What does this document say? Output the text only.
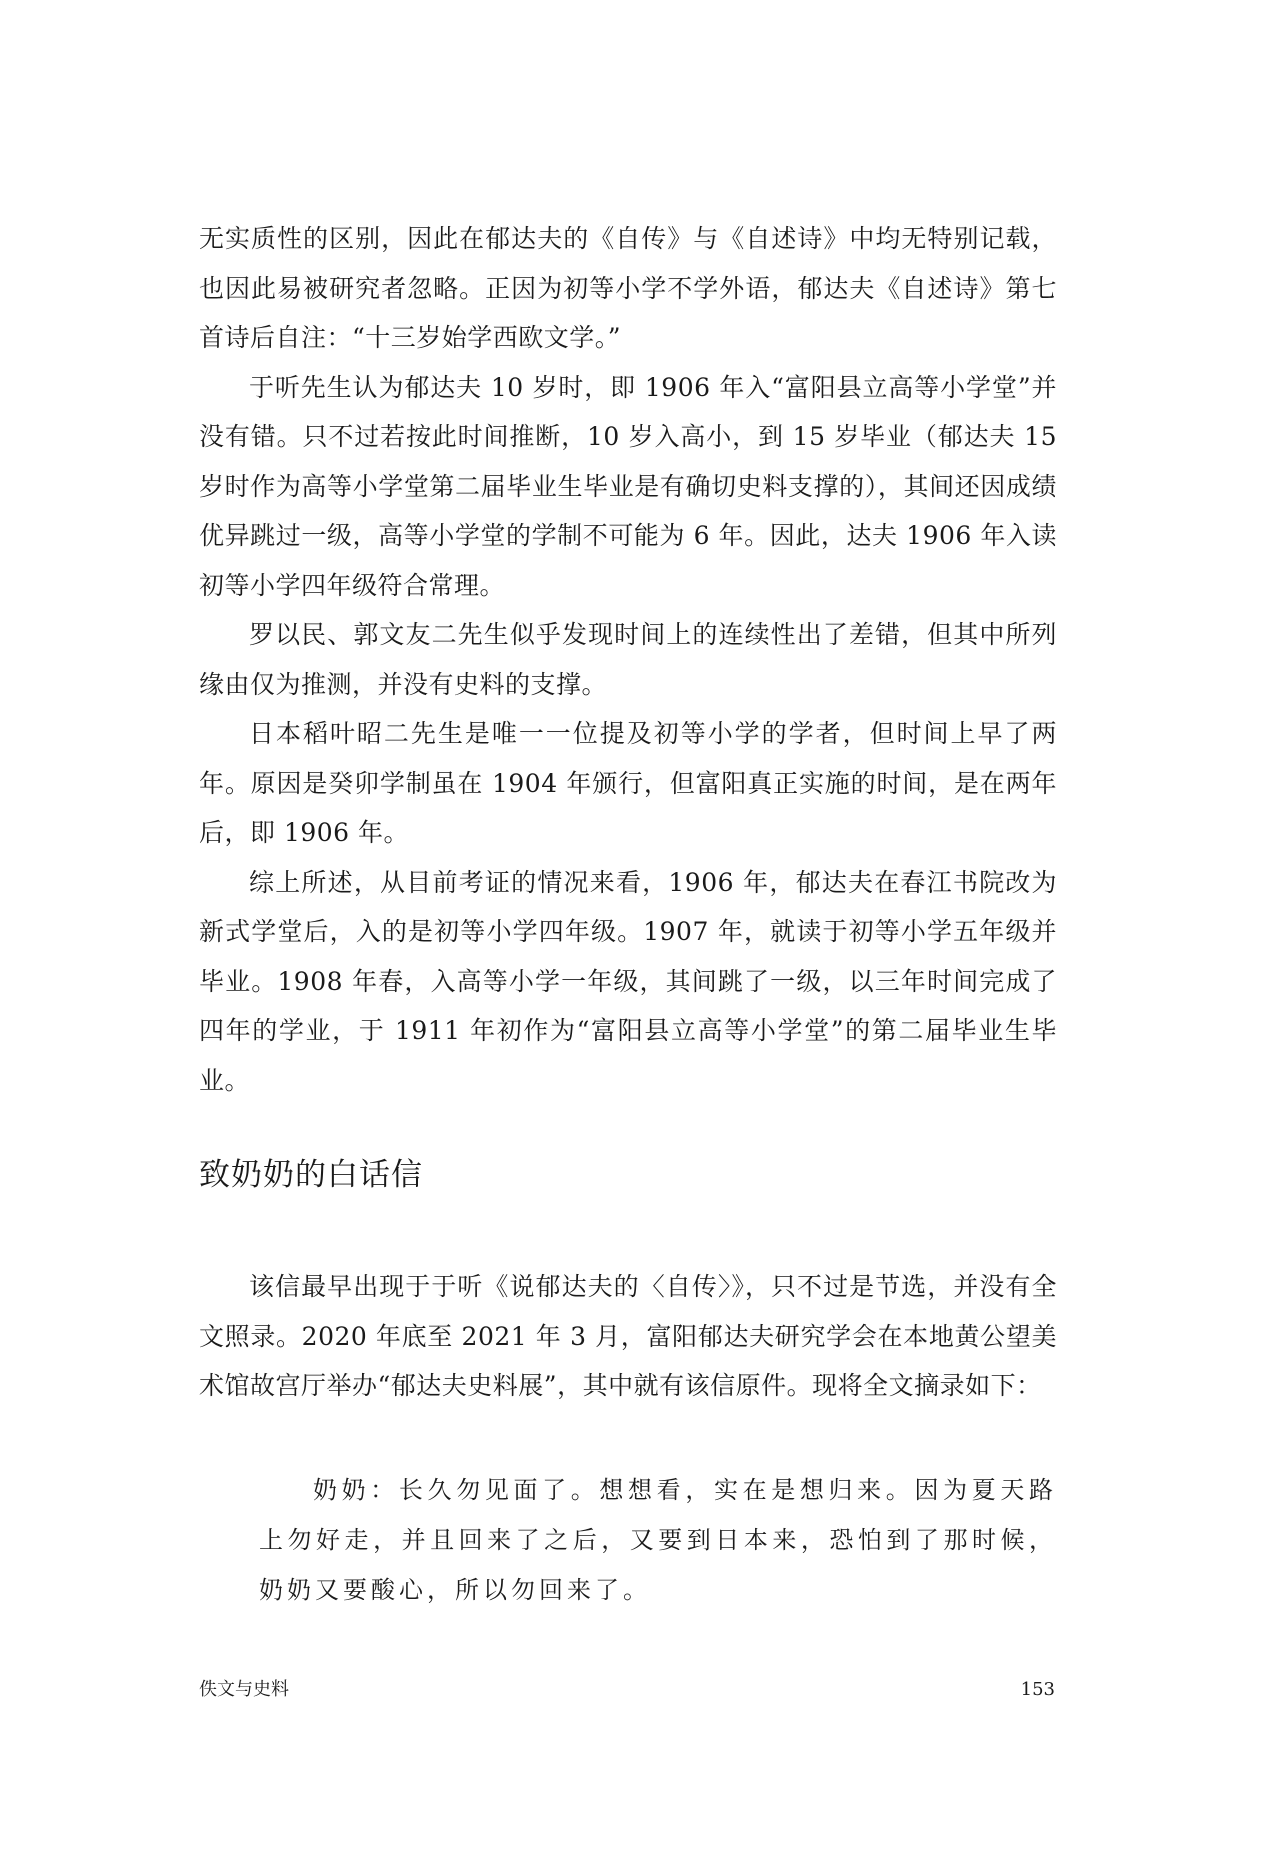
无实质性的区别，因此在郁达夫的《自传》与《自述诗》中均无特别记载，也因此易被研究者忽略。正因为初等小学不学外语，郁达夫《自述诗》第七首诗后自注：“十三岁始学西欧文学。”

于听先生认为郁达夫 10 岁时，即 1906 年入“富阳县立高等小学堂”并没有错。只不过若按此时间推断，10 岁入高小，到 15 岁毕业（郁达夫 15 岁时作为高等小学堂第二届毕业生毕业是有确切史料支撑的），其间还因成绩优异跳过一级，高等小学堂的学制不可能为 6 年。因此，达夫 1906 年入读初等小学四年级符合常理。

罗以民、郭文友二先生似乎发现时间上的连续性出了差错，但其中所列缘由仅为推测，并没有史料的支撑。

日本稻叶昭二先生是唯一一位提及初等小学的学者，但时间上早了两年。原因是癸卯学制虽在 1904 年颁行，但富阳真正实施的时间，是在两年后，即 1906 年。

综上所述，从目前考证的情况来看，1906 年，郁达夫在春江书院改为新式学堂后，入的是初等小学四年级。1907 年，就读于初等小学五年级并毕业。1908 年春，入高等小学一年级，其间跳了一级，以三年时间完成了四年的学业，于 1911 年初作为“富阳县立高等小学堂”的第二届毕业生毕业。

致奶奶的白话信

该信最早出现于于听《说郁达夫的〈自传〉》，只不过是节选，并没有全文照录。2020 年底至 2021 年 3 月，富阳郁达夫研究学会在本地黄公望美术馆故宫厅举办“郁达夫史料展”，其中就有该信原件。现将全文摘录如下：

奶奶：长久勿见面了。想想看，实在是想归来。因为夏天路上勿好走，并且回来了之后，又要到日本来，恐怕到了那时候，奶奶又要酸心，所以勿回来了。

佚文与史料	153
